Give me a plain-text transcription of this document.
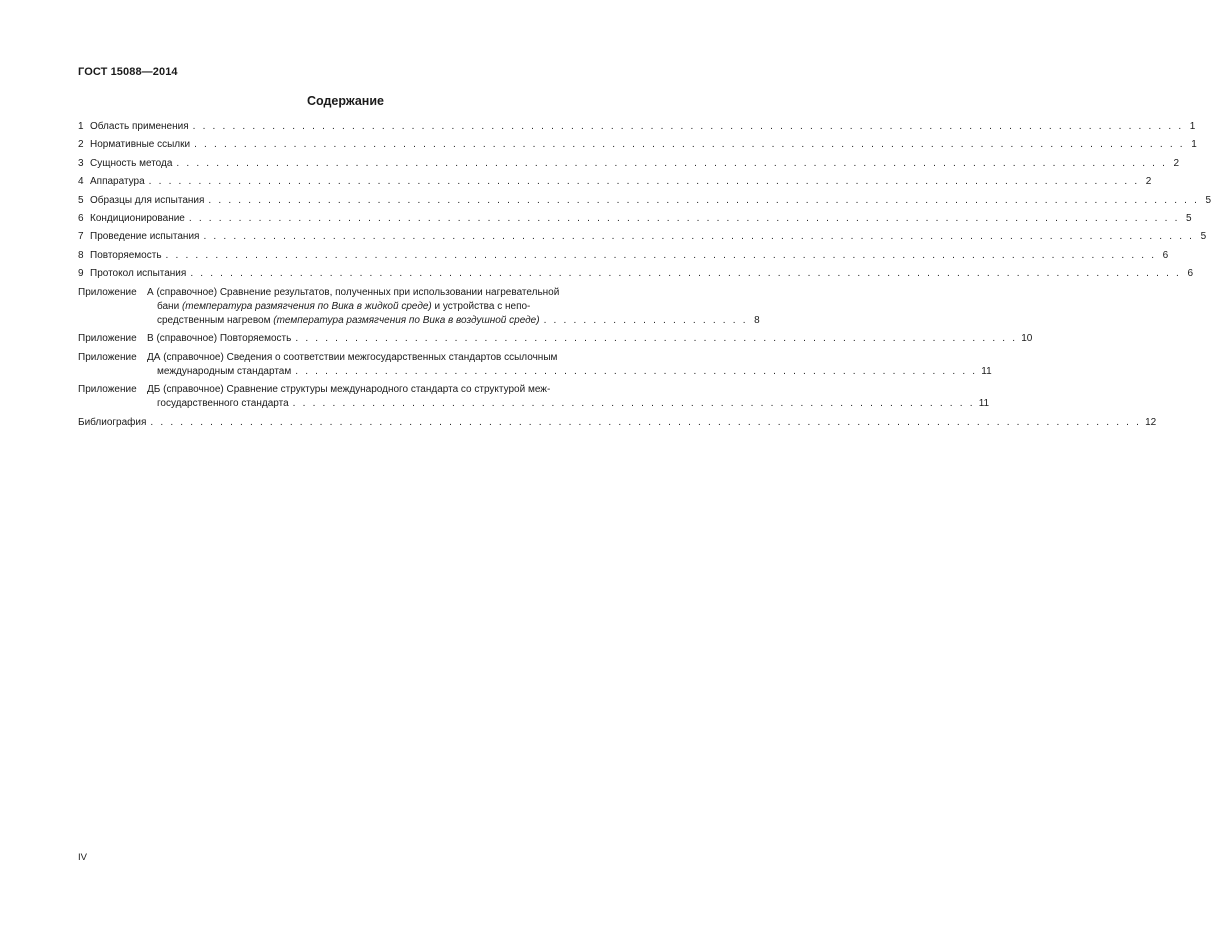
ГОСТ 15088—2014
Содержание
1 Область применения . . . . . . . . . . . . . . . . . . . . . . . . . . . . . . . . . . . . . . . . . . . . . . . . . . . . . . . . . . . . . . . . . . . . . . . . . . . . . . . . . . . . . . . . . . . . . . . . . . . . 1
2 Нормативные ссылки . . . . . . . . . . . . . . . . . . . . . . . . . . . . . . . . . . . . . . . . . . . . . . . . . . . . . . . . . . . . . . . . . . . . . . . . . . . . . . . . . . . . . . . . . . . . . . . . . . . . 1
3 Сущность метода . . . . . . . . . . . . . . . . . . . . . . . . . . . . . . . . . . . . . . . . . . . . . . . . . . . . . . . . . . . . . . . . . . . . . . . . . . . . . . . . . . . . . . . . . . . . . . . . . . . . 2
4 Аппаратура . . . . . . . . . . . . . . . . . . . . . . . . . . . . . . . . . . . . . . . . . . . . . . . . . . . . . . . . . . . . . . . . . . . . . . . . . . . . . . . . . . . . . . . . . . . . . . . . . . . . 2
5 Образцы для испытания . . . . . . . . . . . . . . . . . . . . . . . . . . . . . . . . . . . . . . . . . . . . . . . . . . . . . . . . . . . . . . . . . . . . . . . . . . . . . . . . . . . . . . . . . . . . . . . . . . . . 5
6 Кондиционирование . . . . . . . . . . . . . . . . . . . . . . . . . . . . . . . . . . . . . . . . . . . . . . . . . . . . . . . . . . . . . . . . . . . . . . . . . . . . . . . . . . . . . . . . . . . . . . . . . . . . 5
7 Проведение испытания . . . . . . . . . . . . . . . . . . . . . . . . . . . . . . . . . . . . . . . . . . . . . . . . . . . . . . . . . . . . . . . . . . . . . . . . . . . . . . . . . . . . . . . . . . . . . . . . . . . . 5
8 Повторяемость . . . . . . . . . . . . . . . . . . . . . . . . . . . . . . . . . . . . . . . . . . . . . . . . . . . . . . . . . . . . . . . . . . . . . . . . . . . . . . . . . . . . . . . . . . . . . . . . . . . . 6
9 Протокол испытания . . . . . . . . . . . . . . . . . . . . . . . . . . . . . . . . . . . . . . . . . . . . . . . . . . . . . . . . . . . . . . . . . . . . . . . . . . . . . . . . . . . . . . . . . . . . . . . . . . . . 6
Приложение	А (справочное) Сравнение результатов, полученных при использовании нагревательной
бани (температура размягчения по Вика в жидкой среде) и устройства с непо-
средственным нагревом (температура размягчения по Вика в воздушной среде) . . . . . . . . . . . . . . . . . . . . . 8
Приложение	В (справочное) Повторяемость . . . . . . . . . . . . . . . . . . . . . . . . . . . . . . . . . . . . . . . . . . . . . . . . . . . . . . . . . . . . . . . . . . . . . . . . . 10
Приложение	ДА (справочное) Сведения о соответствии межгосударственных стандартов ссылочным
международным стандартам . . . . . . . . . . . . . . . . . . . . . . . . . . . . . . . . . . . . . . . . . . . . . . . . . . . . . . . . . . . . . . . . . . . . . 11
Приложение	ДБ (справочное) Сравнение структуры международного стандарта со структурой меж-
государственного стандарта . . . . . . . . . . . . . . . . . . . . . . . . . . . . . . . . . . . . . . . . . . . . . . . . . . . . . . . . . . . . . . . . . . . . . 11
Библиография . . . . . . . . . . . . . . . . . . . . . . . . . . . . . . . . . . . . . . . . . . . . . . . . . . . . . . . . . . . . . . . . . . . . . . . . . . . . . . . . . . . . . . . . . . . . . . . . . . . . 12
IV
